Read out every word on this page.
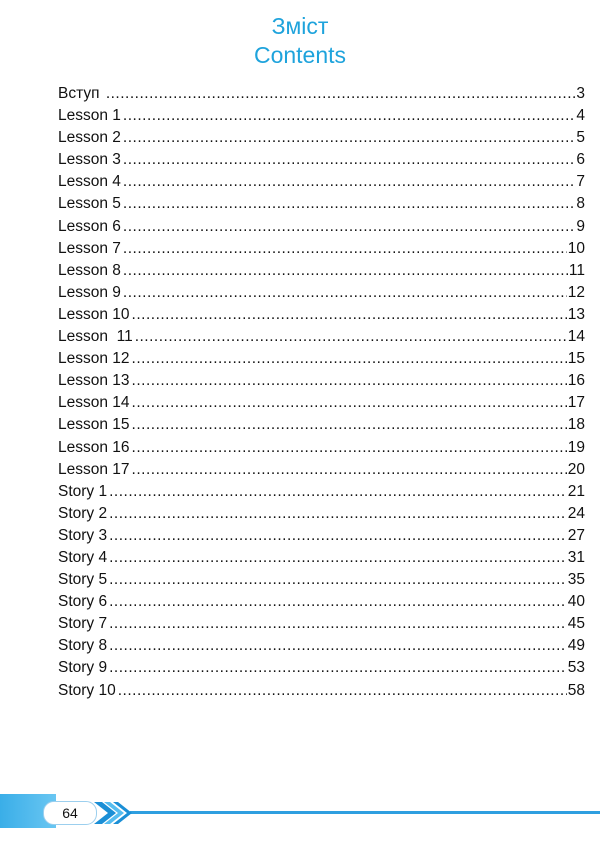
Зміст
Contents
Вступ .....	3
Lesson 1 .....	4
Lesson 2 .....	5
Lesson 3 .....	6
Lesson 4 .....	7
Lesson 5 .....	8
Lesson 6 .....	9
Lesson 7 .....	10
Lesson 8 .....	11
Lesson 9 .....	12
Lesson 10 .....	13
Lesson  11 .....	14
Lesson 12 .....	15
Lesson 13 .....	16
Lesson 14 .....	17
Lesson 15 .....	18
Lesson 16 .....	19
Lesson 17 .....	20
Story 1 .....	21
Story 2 .....	24
Story 3 .....	27
Story 4 .....	31
Story 5 .....	35
Story 6 .....	40
Story 7 .....	45
Story 8 .....	49
Story 9 .....	53
Story 10 .....	58
64
